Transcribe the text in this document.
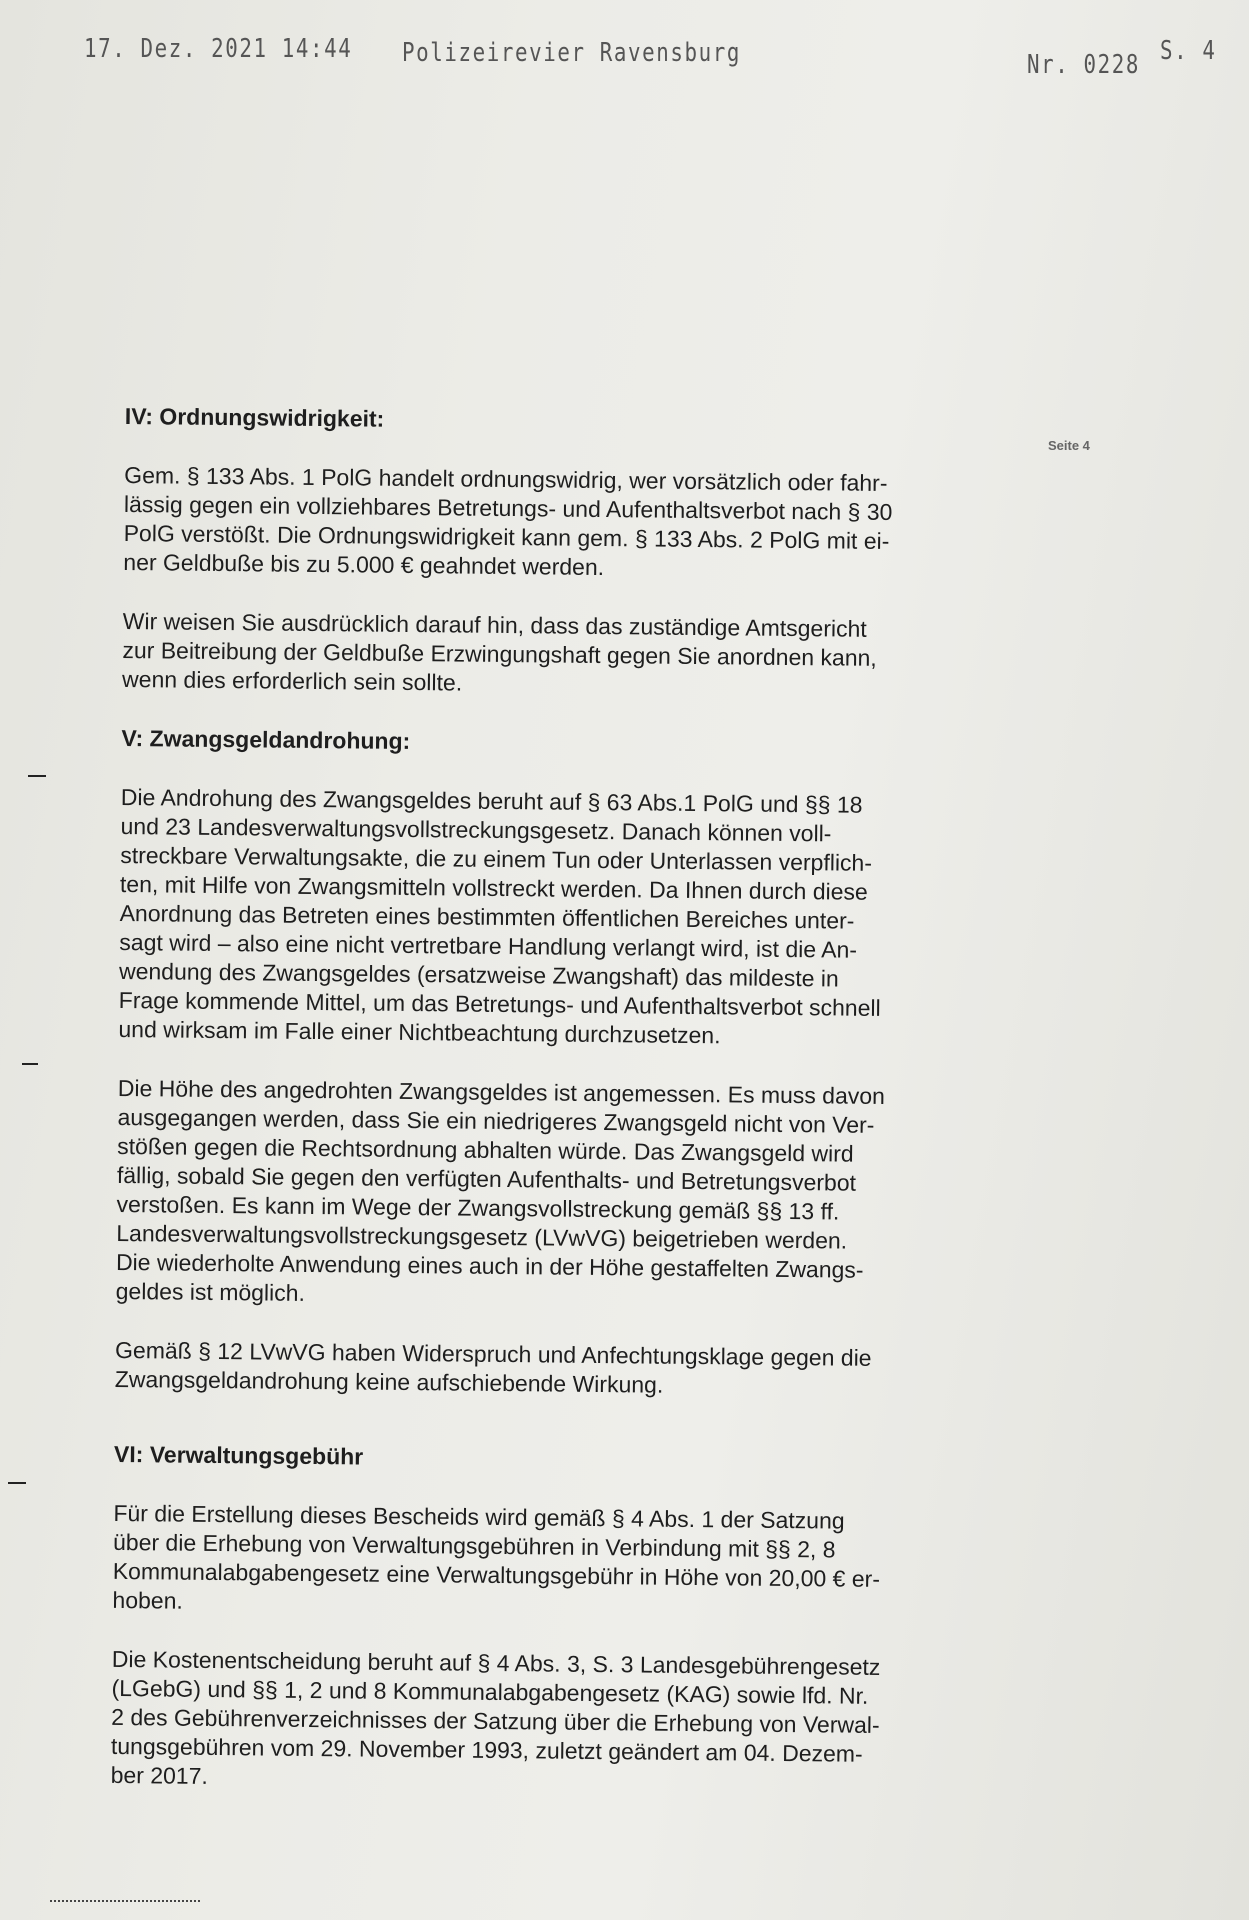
17. Dez. 2021 14:44 Polizeirevier Ravensburg	Nr. 0228 S. 4
Seite 4
IV: Ordnungswidrigkeit:
Gem. § 133 Abs. 1 PolG handelt ordnungswidrig, wer vorsätzlich oder fahr-
lässig gegen ein vollziehbares Betretungs- und Aufenthaltsverbot nach § 30
PolG verstößt. Die Ordnungswidrigkeit kann gem. § 133 Abs. 2 PolG mit ei-
ner Geldbuße bis zu 5.000 € geahndet werden.
Wir weisen Sie ausdrücklich darauf hin, dass das zuständige Amtsgericht
zur Beitreibung der Geldbuße Erzwingungshaft gegen Sie anordnen kann,
wenn dies erforderlich sein sollte.
V: Zwangsgeldandrohung:
Die Androhung des Zwangsgeldes beruht auf § 63 Abs.1 PolG und §§ 18
und 23 Landesverwaltungsvollstreckungsgesetz. Danach können voll-
streckbare Verwaltungsakte, die zu einem Tun oder Unterlassen verpflich-
ten, mit Hilfe von Zwangsmitteln vollstreckt werden. Da Ihnen durch diese
Anordnung das Betreten eines bestimmten öffentlichen Bereiches unter-
sagt wird – also eine nicht vertretbare Handlung verlangt wird, ist die An-
wendung des Zwangsgeldes (ersatzweise Zwangshaft) das mildeste in
Frage kommende Mittel, um das Betretungs- und Aufenthaltsverbot schnell
und wirksam im Falle einer Nichtbeachtung durchzusetzen.
Die Höhe des angedrohten Zwangsgeldes ist angemessen. Es muss davon
ausgegangen werden, dass Sie ein niedrigeres Zwangsgeld nicht von Ver-
stößen gegen die Rechtsordnung abhalten würde. Das Zwangsgeld wird
fällig, sobald Sie gegen den verfügten Aufenthalts- und Betretungsverbot
verstoßen. Es kann im Wege der Zwangsvollstreckung gemäß §§ 13 ff.
Landesverwaltungsvollstreckungsgesetz (LVwVG) beigetrieben werden.
Die wiederholte Anwendung eines auch in der Höhe gestaffelten Zwangs-
geldes ist möglich.
Gemäß § 12 LVwVG haben Widerspruch und Anfechtungsklage gegen die
Zwangsgeldandrohung keine aufschiebende Wirkung.
VI: Verwaltungsgebühr
Für die Erstellung dieses Bescheids wird gemäß § 4 Abs. 1 der Satzung
über die Erhebung von Verwaltungsgebühren in Verbindung mit §§ 2, 8
Kommunalabgabengesetz eine Verwaltungsgebühr in Höhe von 20,00 € er-
hoben.
Die Kostenentscheidung beruht auf § 4 Abs. 3, S. 3 Landesgebührengesetz
(LGebG) und §§ 1, 2 und 8 Kommunalabgabengesetz (KAG) sowie lfd. Nr.
2 des Gebührenverzeichnisses der Satzung über die Erhebung von Verwal-
tungsgebühren vom 29. November 1993, zuletzt geändert am 04. Dezem-
ber 2017.
